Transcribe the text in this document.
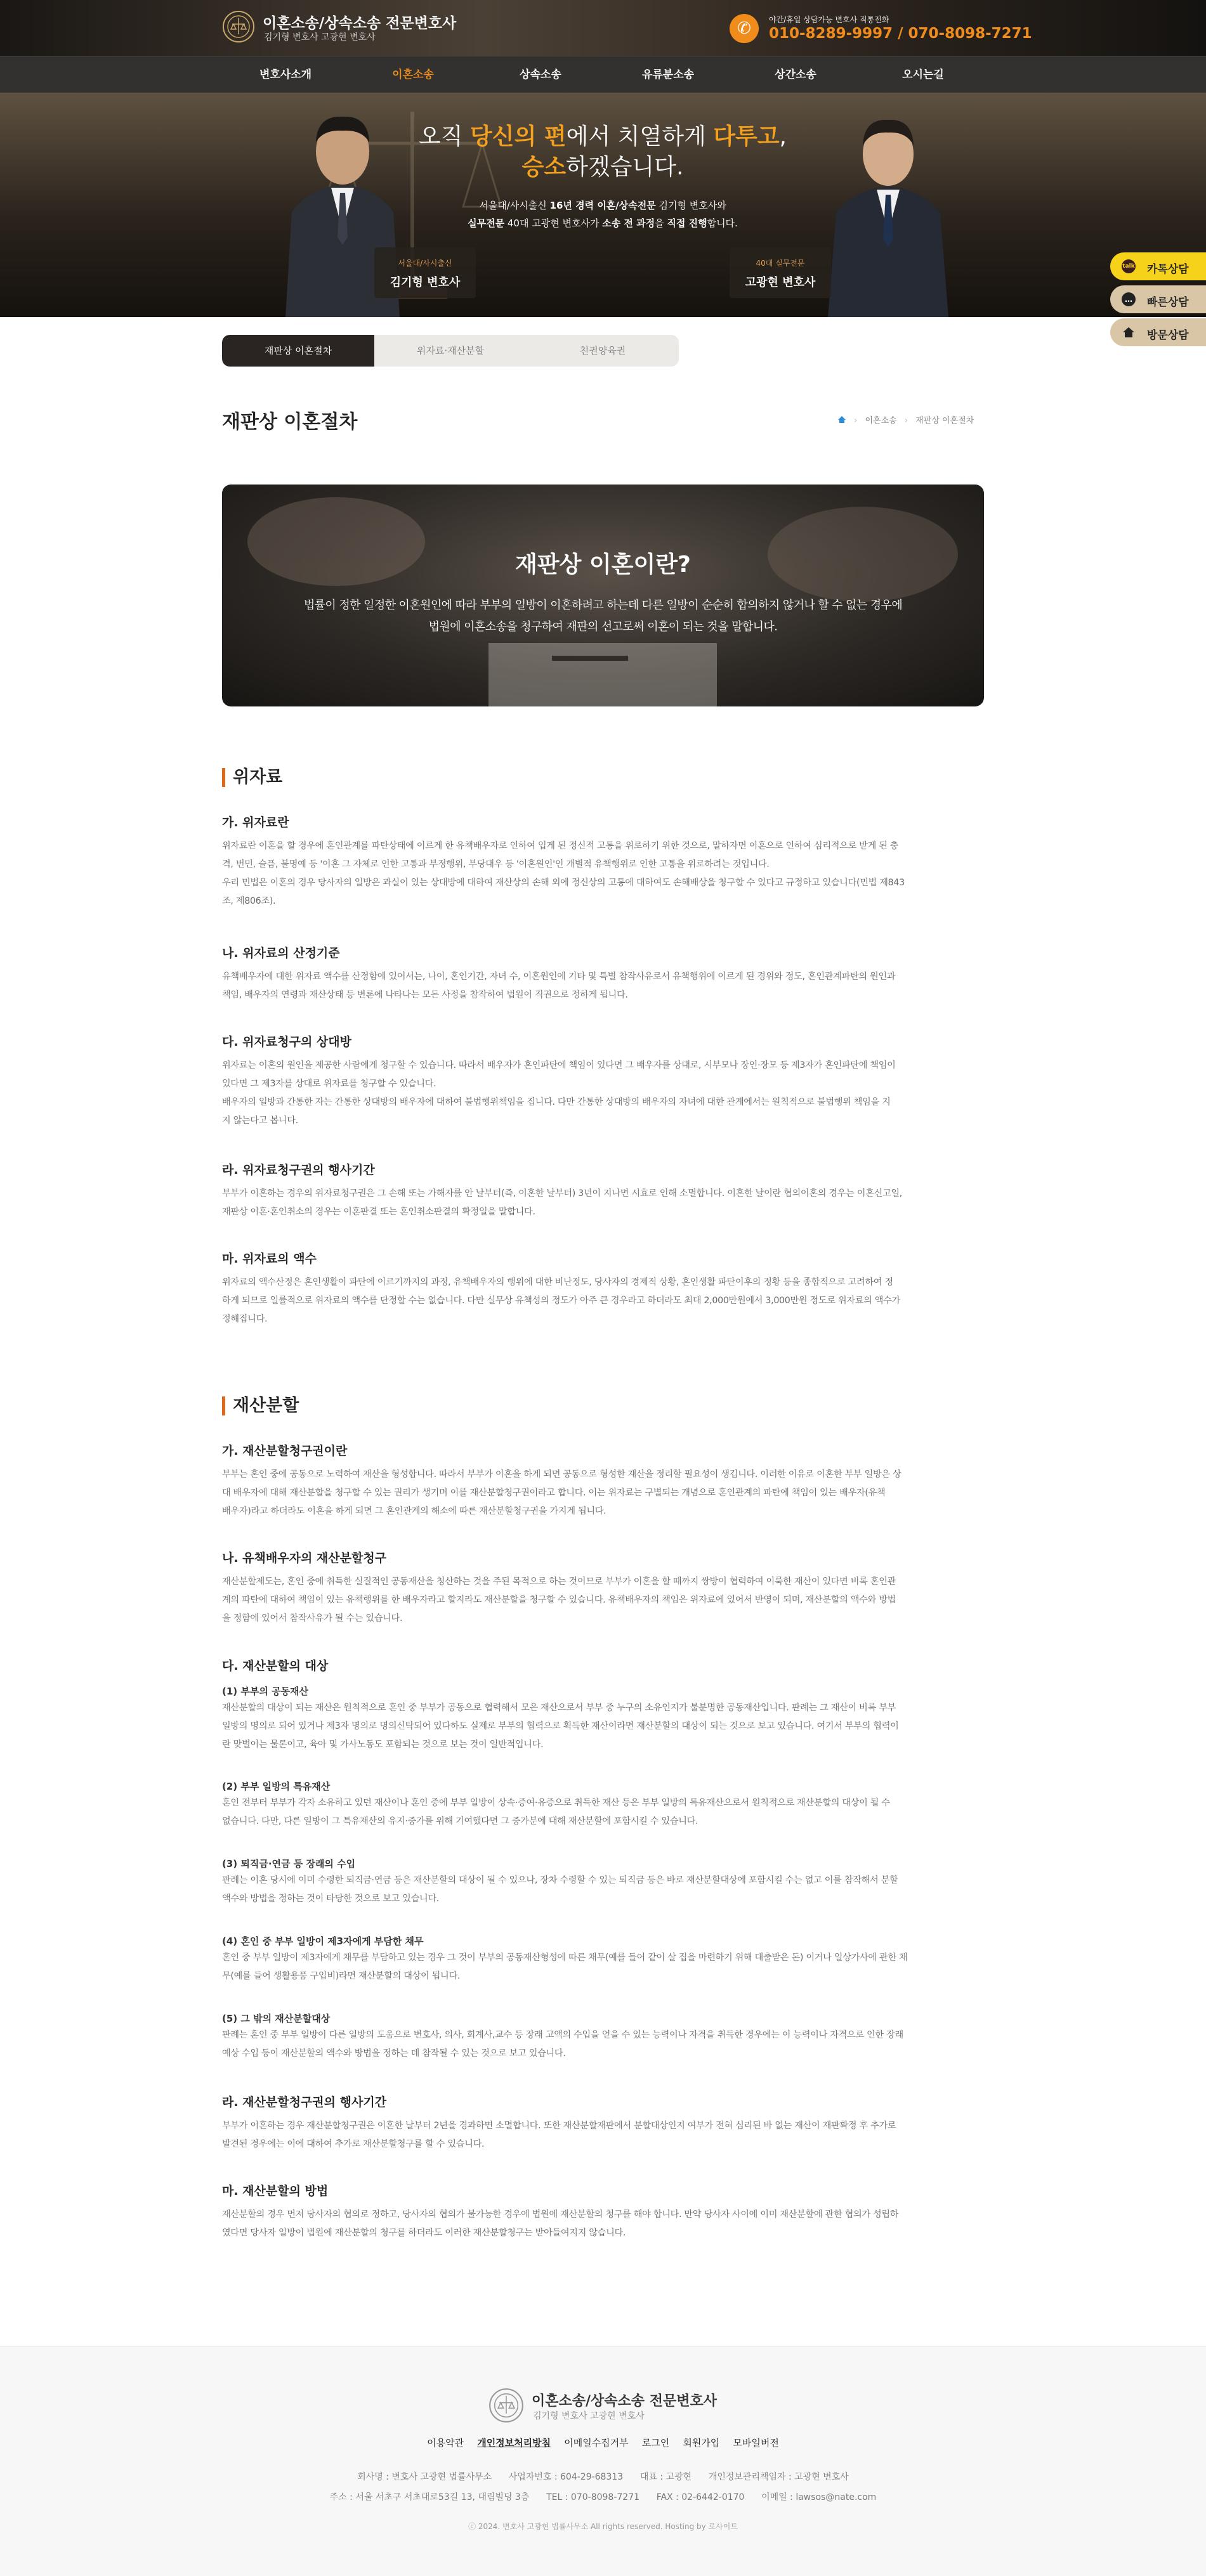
이혼소송/상속소송 전문변호사
김기형 변호사 고광현 변호사	✆	야간/휴일 상담가능 변호사 직통전화
010-8289-9997 / 070-8098-7271
변호사소개	이혼소송	상속소송	유류분소송	상간소송	오시는길
서울대/사시출신
김기형 변호사
40대 실무전문
고광현 변호사
오직 당신의 편에서 치열하게 다투고,
승소하겠습니다.
서울대/사시출신 16년 경력 이혼/상속전문 김기형 변호사와
실무전문 40대 고광현 변호사가 소송 전 과정을 직접 진행합니다.
talk 카톡상담
… 빠른상담
방문상담
재판상 이혼절차	위자료·재산분할	친권양육권
재판상 이혼절차	› 이혼소송 › 재판상 이혼절차
재판상 이혼이란?
법률이 정한 일정한 이혼원인에 따라 부부의 일방이 이혼하려고 하는데 다른 일방이 순순히 합의하지 않거나 할 수 없는 경우에
법원에 이혼소송을 청구하여 재판의 선고로써 이혼이 되는 것을 말합니다.
위자료
가. 위자료란

위자료란 이혼을 할 경우에 혼인관계를 파탄상태에 이르게 한 유책배우자로 인하여 입게 된 정신적 고통을 위로하기 위한 것으로, 말하자면 이혼으로 인하여 심리적으로 받게 된 충

격, 번민, 슬픔, 불명예 등 '이혼 그 자체로 인한 고통과 부정행위, 부당대우 등 '이혼원인'인 개별적 유책행위로 인한 고통을 위로하려는 것입니다.

우리 민법은 이혼의 경우 당사자의 일방은 과실이 있는 상대방에 대하여 재산상의 손해 외에 정신상의 고통에 대하여도 손해배상을 청구할 수 있다고 규정하고 있습니다(민법 제843

조, 제806조).

나. 위자료의 산정기준

유책배우자에 대한 위자료 액수를 산정함에 있어서는, 나이, 혼인기간, 자녀 수, 이혼원인에 기타 및 특별 참작사유로서 유책행위에 이르게 된 경위와 정도, 혼인관계파탄의 원인과

책임, 배우자의 연령과 재산상태 등 변론에 나타나는 모든 사정을 참작하여 법원이 직권으로 정하게 됩니다.

다. 위자료청구의 상대방

위자료는 이혼의 원인을 제공한 사람에게 청구할 수 있습니다. 따라서 배우자가 혼인파탄에 책임이 있다면 그 배우자를 상대로, 시부모나 장인·장모 등 제3자가 혼인파탄에 책임이

있다면 그 제3자를 상대로 위자료를 청구할 수 있습니다.

배우자의 일방과 간통한 자는 간통한 상대방의 배우자에 대하여 불법행위책임을 집니다. 다만 간통한 상대방의 배우자의 자녀에 대한 관계에서는 원칙적으로 불법행위 책임을 지

지 않는다고 봅니다.

라. 위자료청구권의 행사기간

부부가 이혼하는 경우의 위자료청구권은 그 손해 또는 가해자를 안 날부터(즉, 이혼한 날부터) 3년이 지나면 시효로 인해 소멸합니다. 이혼한 날이란 협의이혼의 경우는 이혼신고일,

재판상 이혼·혼인취소의 경우는 이혼판결 또는 혼인취소판결의 확정일을 말합니다.

마. 위자료의 액수

위자료의 액수산정은 혼인생활이 파탄에 이르기까지의 과정, 유책배우자의 행위에 대한 비난정도, 당사자의 경제적 상황, 혼인생활 파탄이후의 정황 등을 종합적으로 고려하여 정

하게 되므로 일률적으로 위자료의 액수를 단정할 수는 없습니다. 다만 실무상 유책성의 정도가 아주 큰 경우라고 하더라도 최대 2,000만원에서 3,000만원 정도로 위자료의 액수가

정해집니다.

재산분할
가. 재산분할청구권이란

부부는 혼인 중에 공동으로 노력하여 재산을 형성합니다. 따라서 부부가 이혼을 하게 되면 공동으로 형성한 재산을 정리할 필요성이 생깁니다. 이러한 이유로 이혼한 부부 일방은 상

대 배우자에 대해 재산분할을 청구할 수 있는 권리가 생기며 이를 재산분할청구권이라고 합니다. 이는 위자료는 구별되는 개념으로 혼인관계의 파탄에 책임이 있는 배우자(유책

배우자)라고 하더라도 이혼을 하게 되면 그 혼인관계의 해소에 따른 재산분할청구권을 가지게 됩니다.

나. 유책배우자의 재산분할청구

재산분할제도는, 혼인 중에 취득한 실질적인 공동재산을 청산하는 것을 주된 목적으로 하는 것이므로 부부가 이혼을 할 때까지 쌍방이 협력하여 이룩한 재산이 있다면 비록 혼인관

계의 파탄에 대하여 책임이 있는 유책행위를 한 배우자라고 할지라도 재산분할을 청구할 수 있습니다. 유책배우자의 책임은 위자료에 있어서 반영이 되며, 재산분할의 액수와 방법

을 정함에 있어서 참작사유가 될 수는 있습니다.

다. 재산분할의 대상
(1) 부부의 공동재산

재산분할의 대상이 되는 재산은 원칙적으로 혼인 중 부부가 공동으로 협력해서 모은 재산으로서 부부 중 누구의 소유인지가 불분명한 공동재산입니다. 판례는 그 재산이 비록 부부

일방의 명의로 되어 있거나 제3자 명의로 명의신탁되어 있다하도 실제로 부부의 협력으로 획득한 재산이라면 재산분할의 대상이 되는 것으로 보고 있습니다. 여기서 부부의 협력이

란 맞벌이는 물론이고, 육아 및 가사노동도 포함되는 것으로 보는 것이 일반적입니다.

(2) 부부 일방의 특유재산

혼인 전부터 부부가 각자 소유하고 있던 재산이나 혼인 중에 부부 일방이 상속·증여·유증으로 취득한 재산 등은 부부 일방의 특유재산으로서 원칙적으로 재산분할의 대상이 될 수

없습니다. 다만, 다른 일방이 그 특유재산의 유지·증가를 위해 기여했다면 그 증가분에 대해 재산분할에 포함시킬 수 있습니다.

(3) 퇴직금·연금 등 장래의 수입

판례는 이혼 당시에 이미 수령한 퇴직금·연금 등은 재산분할의 대상이 될 수 있으나, 장차 수령할 수 있는 퇴직금 등은 바로 재산분할대상에 포함시킬 수는 없고 이를 참작해서 분할

액수와 방법을 정하는 것이 타당한 것으로 보고 있습니다.

(4) 혼인 중 부부 일방이 제3자에게 부담한 채무

혼인 중 부부 일방이 제3자에게 채무를 부담하고 있는 경우 그 것이 부부의 공동재산형성에 따른 채무(예를 들어 같이 살 집을 마련하기 위해 대출받은 돈) 이거나 일상가사에 관한 채

무(예를 들어 생활용품 구입비)라면 재산분할의 대상이 됩니다.

(5) 그 밖의 재산분할대상

판례는 혼인 중 부부 일방이 다른 일방의 도움으로 변호사, 의사, 회계사,교수 등 장래 고액의 수입을 얻을 수 있는 능력이나 자격을 취득한 경우에는 이 능력이나 자격으로 인한 장래

예상 수입 등이 재산분할의 액수와 방법을 정하는 데 참작될 수 있는 것으로 보고 있습니다.

라. 재산분할청구권의 행사기간

부부가 이혼하는 경우 재산분할청구권은 이혼한 날부터 2년을 경과하면 소멸합니다. 또한 재산분할재판에서 분할대상인지 여부가 전혀 심리된 바 없는 재산이 재판확정 후 추가로

발견된 경우에는 이에 대하여 추가로 재산분할청구를 할 수 있습니다.

마. 재산분할의 방법

재산분할의 경우 먼저 당사자의 협의로 정하고, 당사자의 협의가 불가능한 경우에 법원에 재산분할의 청구를 해야 합니다. 만약 당사자 사이에 이미 재산분할에 관한 협의가 성립하

였다면 당사자 일방이 법원에 재산분할의 청구를 하더라도 이러한 재산분할청구는 받아들여지지 않습니다.

이혼소송/상속소송 전문변호사
김기형 변호사 고광현 변호사
이용약관 개인정보처리방침 이메일수집거부 로그인 회원가입 모바일버전
회사명 : 변호사 고광현 법률사무소      사업자번호 : 604-29-68313      대표 : 고광현      개인정보관리책임자 : 고광현 변호사
주소 : 서울 서초구 서초대로53길 13, 대림빌딩 3층      TEL : 070-8098-7271      FAX : 02-6442-0170      이메일 : lawsos@nate.com
ⓒ 2024. 변호사 고광현 법률사무소 All rights reserved. Hosting by 로사이트
